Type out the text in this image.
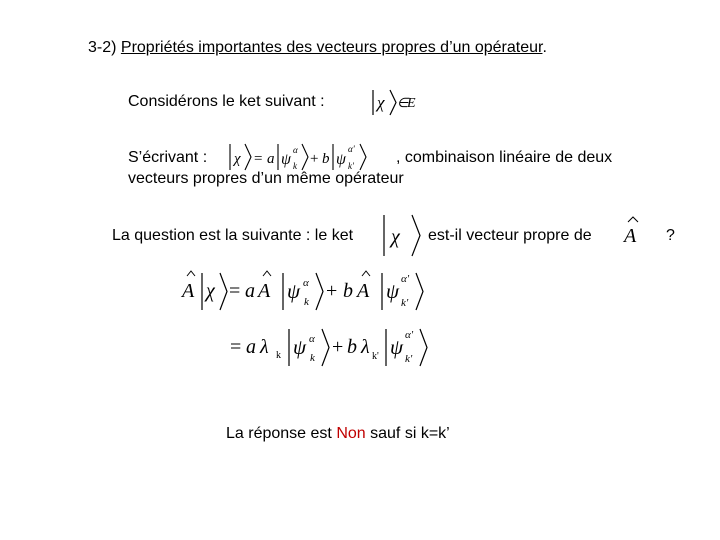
3-2) Propriétés importantes des vecteurs propres d’un opérateur.
Considérons le ket suivant :	χ ∈
E
S’écrivant : χ = a ψ
α
k + b ψ
α'
k'	, combinaison linéaire de deux
vecteurs propres d’un même opérateur
La question est la suivante : le ket χ est-il vecteur propre de A ?
A χ = a A ψ α
k + b A ψ α'
k'
= a λ k ψ α
k + b λ k' ψ α'
k'
La réponse est Non sauf si k=k’
